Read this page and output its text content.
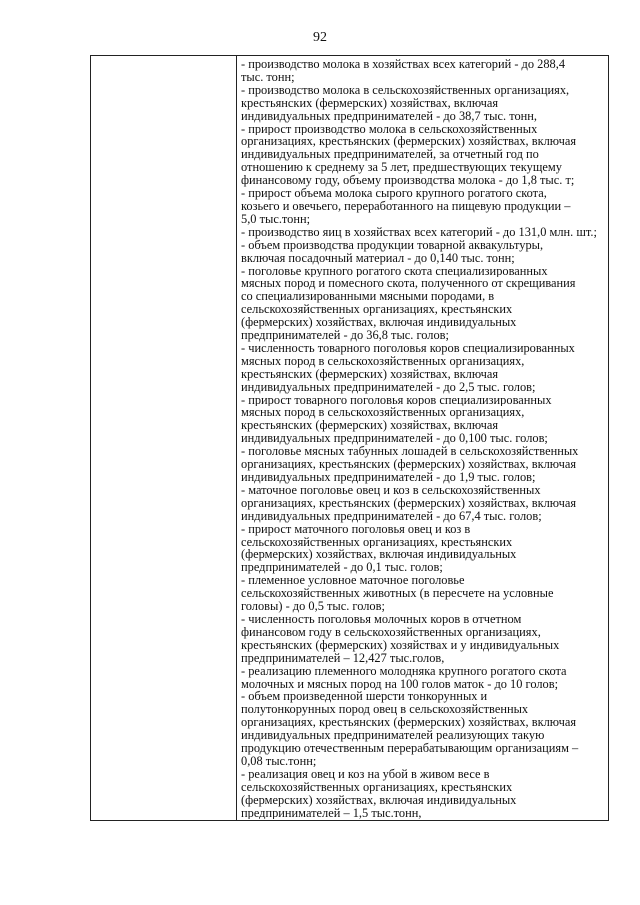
92
- производство молока в хозяйствах всех категорий - до 288,4
тыс. тонн;
- производство молока в сельскохозяйственных организациях,
крестьянских (фермерских) хозяйствах, включая
индивидуальных предпринимателей - до 38,7 тыс. тонн,
- прирост производство молока в сельскохозяйственных
организациях, крестьянских (фермерских) хозяйствах, включая
индивидуальных предпринимателей, за отчетный год по
отношению к среднему за 5 лет, предшествующих текущему
финансовому году, объему производства молока - до 1,8 тыс. т;
- прирост объема молока сырого крупного рогатого скота,
козьего и овечьего, переработанного на пищевую продукции –
5,0 тыс.тонн;
- производство яиц в хозяйствах всех категорий - до 131,0 млн. шт.;
- объем производства продукции товарной аквакультуры,
включая посадочный материал - до 0,140 тыс. тонн;
- поголовье крупного рогатого скота специализированных
мясных пород и помесного скота, полученного от скрещивания
со специализированными мясными породами, в
сельскохозяйственных организациях, крестьянских
(фермерских) хозяйствах, включая индивидуальных
предпринимателей - до 36,8 тыс. голов;
- численность товарного поголовья коров специализированных
мясных пород в сельскохозяйственных организациях,
крестьянских (фермерских) хозяйствах, включая
индивидуальных предпринимателей - до 2,5 тыс. голов;
- прирост товарного поголовья коров специализированных
мясных пород в сельскохозяйственных организациях,
крестьянских (фермерских) хозяйствах, включая
индивидуальных предпринимателей - до 0,100 тыс. голов;
- поголовье мясных табунных лошадей в сельскохозяйственных
организациях, крестьянских (фермерских) хозяйствах, включая
индивидуальных предпринимателей - до 1,9 тыс. голов;
- маточное поголовье овец и коз в сельскохозяйственных
организациях, крестьянских (фермерских) хозяйствах, включая
индивидуальных предпринимателей - до 67,4 тыс. голов;
- прирост маточного поголовья овец и коз в
сельскохозяйственных организациях, крестьянских
(фермерских) хозяйствах, включая индивидуальных
предпринимателей - до 0,1 тыс. голов;
- племенное условное маточное поголовье
сельскохозяйственных животных (в пересчете на условные
головы) - до 0,5 тыс. голов;
- численность поголовья молочных коров в отчетном
финансовом году в сельскохозяйственных организациях,
крестьянских (фермерских) хозяйствах и у индивидуальных
предпринимателей – 12,427 тыс.голов,
- реализацию племенного молодняка крупного рогатого скота
молочных и мясных пород на 100 голов маток - до 10 голов;
- объем произведенной шерсти тонкорунных и
полутонкорунных пород овец в сельскохозяйственных
организациях, крестьянских (фермерских) хозяйствах, включая
индивидуальных предпринимателей реализующих такую
продукцию отечественным перерабатывающим организациям –
0,08 тыс.тонн;
- реализация овец и коз на убой в живом весе в
сельскохозяйственных организациях, крестьянских
(фермерских) хозяйствах, включая индивидуальных
предпринимателей – 1,5 тыс.тонн,
